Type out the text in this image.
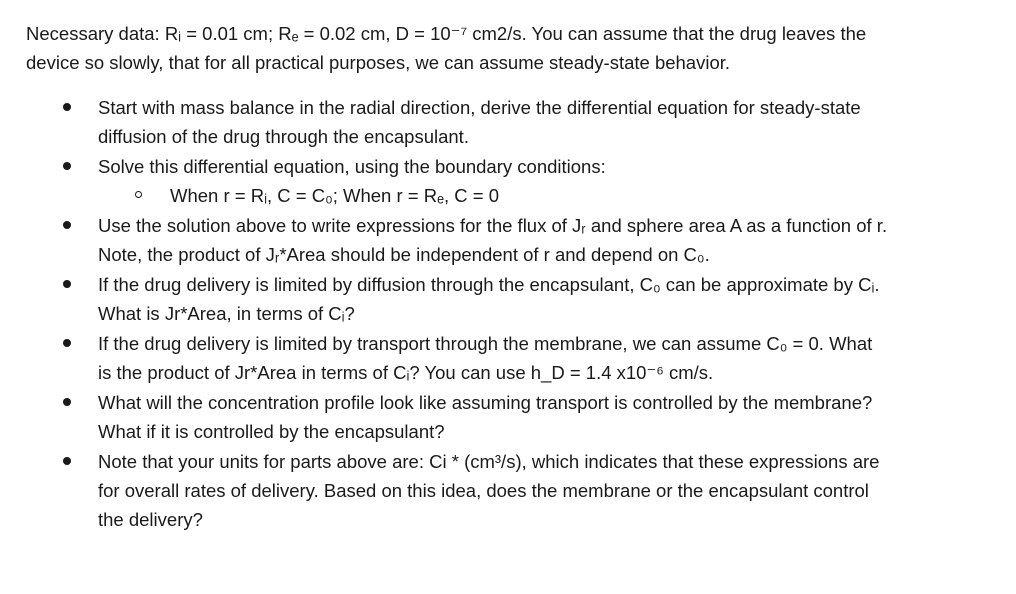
Necessary data: Rᵢ = 0.01 cm; Rₑ = 0.02 cm, D = 10⁻⁷ cm2/s. You can assume that the drug leaves the
device so slowly, that for all practical purposes, we can assume steady-state behavior.

Start with mass balance in the radial direction, derive the differential equation for steady-state
diffusion of the drug through the encapsulant.
Solve this differential equation, using the boundary conditions:
When r = Rᵢ, C = C₀; When r = Rₑ, C = 0
Use the solution above to write expressions for the flux of Jᵣ and sphere area A as a function of r.
Note, the product of Jᵣ*Area should be independent of r and depend on C₀.
If the drug delivery is limited by diffusion through the encapsulant, C₀ can be approximate by Cᵢ.
What is Jr*Area, in terms of Cᵢ?
If the drug delivery is limited by transport through the membrane, we can assume C₀ = 0. What
is the product of Jr*Area in terms of Cᵢ? You can use h_D = 1.4 x10⁻⁶ cm/s.
What will the concentration profile look like assuming transport is controlled by the membrane?
What if it is controlled by the encapsulant?
Note that your units for parts above are: Ci * (cm³/s), which indicates that these expressions are
for overall rates of delivery. Based on this idea, does the membrane or the encapsulant control
the delivery?
